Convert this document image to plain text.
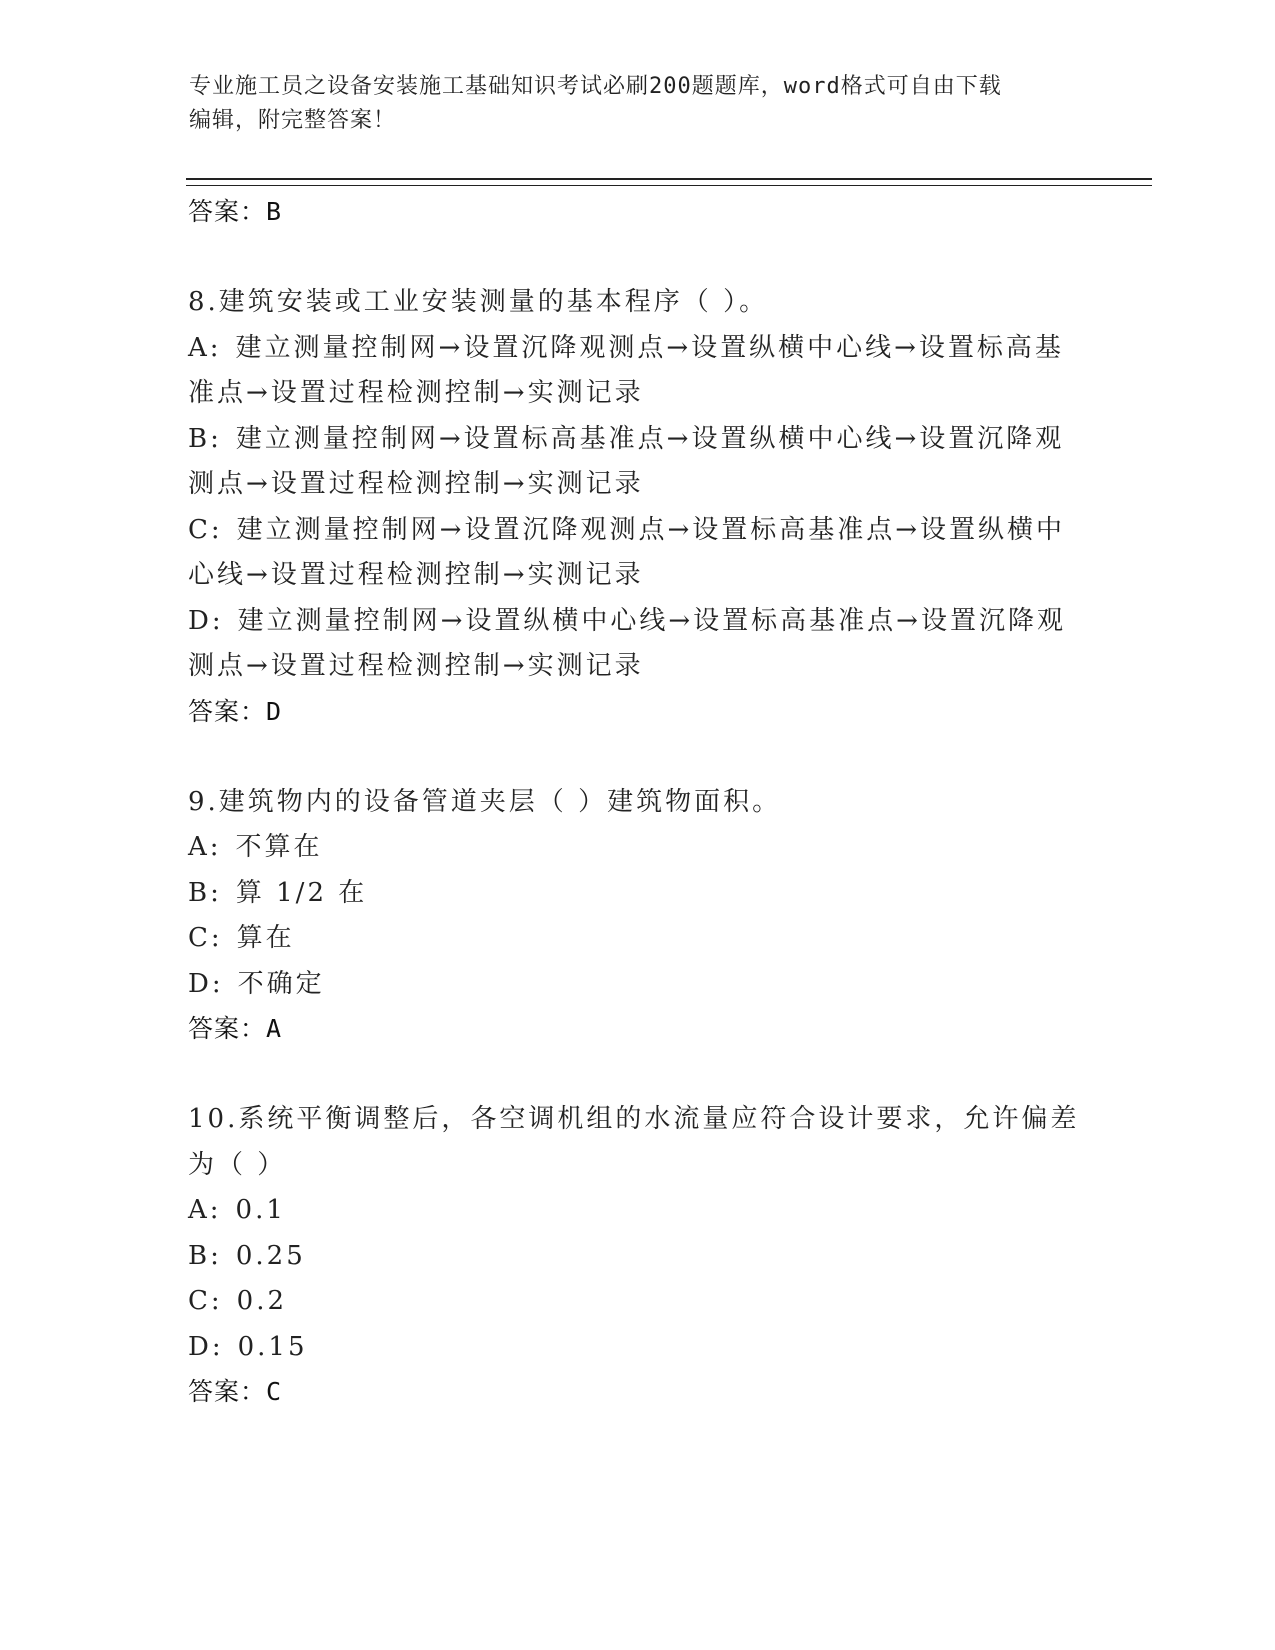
专业施工员之设备安装施工基础知识考试必刷200题题库，word格式可自由下载
编辑，附完整答案！
答案：B
8.建筑安装或工业安装测量的基本程序（ ）。
A: 建立测量控制网→设置沉降观测点→设置纵横中心线→设置标高基
准点→设置过程检测控制→实测记录
B: 建立测量控制网→设置标高基准点→设置纵横中心线→设置沉降观
测点→设置过程检测控制→实测记录
C: 建立测量控制网→设置沉降观测点→设置标高基准点→设置纵横中
心线→设置过程检测控制→实测记录
D: 建立测量控制网→设置纵横中心线→设置标高基准点→设置沉降观
测点→设置过程检测控制→实测记录
答案：D
9.建筑物内的设备管道夹层（ ）建筑物面积。
A: 不算在
B: 算 1/2 在
C: 算在
D: 不确定
答案：A
10.系统平衡调整后，各空调机组的水流量应符合设计要求，允许偏差
为（ ）
A: 0.1
B: 0.25
C: 0.2
D: 0.15
答案：C
